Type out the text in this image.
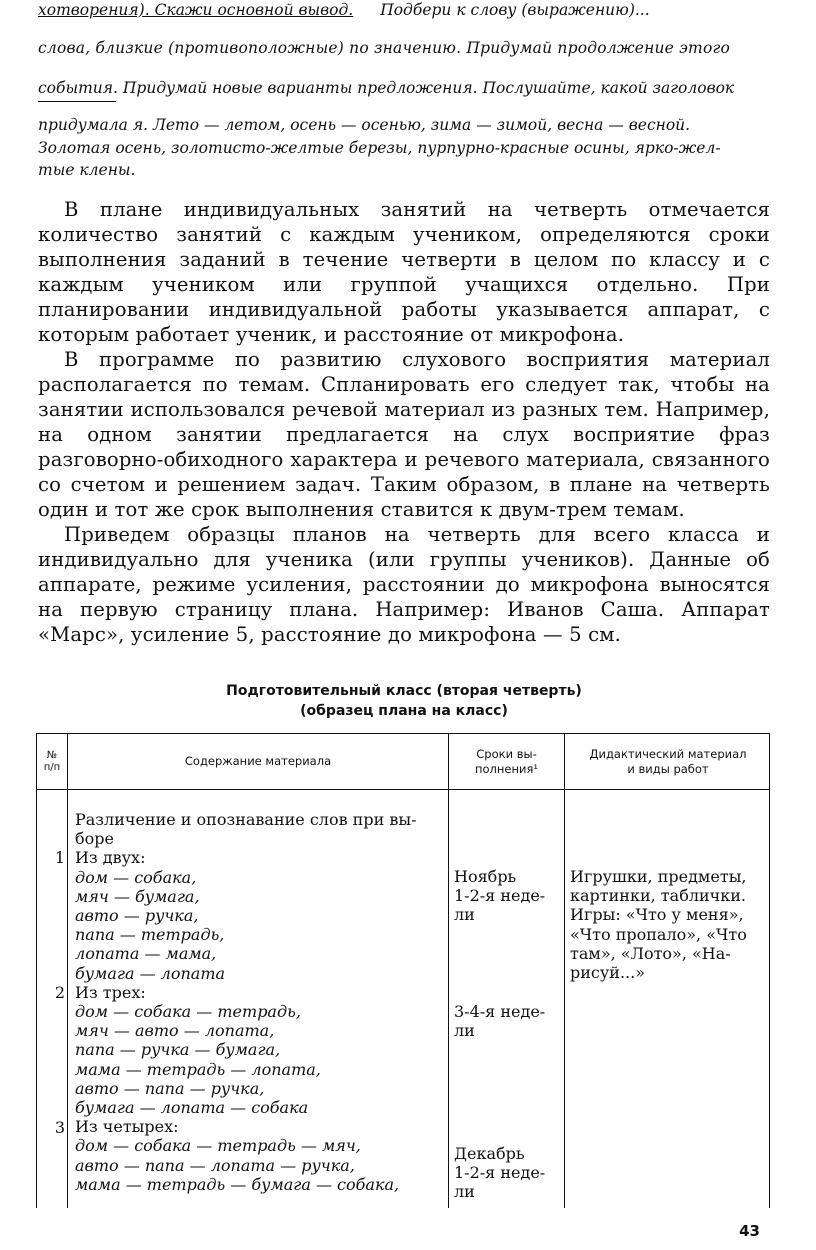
хотворения). Скажи основной вывод. Подбери к слову (выражению)...
слова, близкие (противоположные) по значению. Придумай продолжение этого
события. Придумай новые варианты предложения. Послушайте, какой заголовок
придумала я. Лето — летом, осень — осенью, зима — зимой, весна — весной.
Золотая осень, золотисто-желтые березы, пурпурно-красные осины, ярко-жел-
тые клены.

В плане индивидуальных занятий на четверть отмечается количество занятий с каждым учеником, определяются сроки выполнения заданий в течение четверти в целом по классу и с каждым учеником или группой учащихся отдельно. При планировании индивидуальной работы указывается аппарат, с которым работает ученик, и расстояние от микрофона.

В программе по развитию слухового восприятия материал располагается по темам. Спланировать его следует так, чтобы на занятии использовался речевой материал из разных тем. Например, на одном занятии предлагается на слух восприятие фраз разговорно-обиходного характера и речевого материала, связанного со счетом и решением задач. Таким образом, в плане на четверть один и тот же срок выполнения ставится к двум-трем темам.

Приведем образцы планов на четверть для всего класса и индивидуально для ученика (или группы учеников). Данные об аппарате, режиме усиления, расстоянии до микрофона выносятся на первую страницу плана. Например: Иванов Саша. Аппарат «Марс», усиление 5, расстояние до микрофона — 5 см.

Подготовительный класс (вторая четверть)
(образец плана на класс)
№
п/п	Содержание материала
Сроки вы-
полнения¹
Дидактический материал
и виды работ
1
2
3
Различение и опознавание слов при вы-
боре
Из двух:
дом — собака,
мяч — бумага,
авто — ручка,
папа — тетрадь,
лопата — мама,
бумага — лопата
Из трех:
дом — собака — тетрадь,
мяч — авто — лопата,
папа — ручка — бумага,
мама — тетрадь — лопата,
авто — папа — ручка,
бумага — лопата — собака
Из четырех:
дом — собака — тетрадь — мяч,
авто — папа — лопата — ручка,
мама — тетрадь — бумага — собака,
Ноябрь
1-2-я неде-
ли
3-4-я неде-
ли
Декабрь
1-2-я неде-
ли
Игрушки, предметы,
картинки, таблички.
Игры: «Что у меня»,
«Что пропало», «Что
там», «Лото», «На-
рисуй...»
43
